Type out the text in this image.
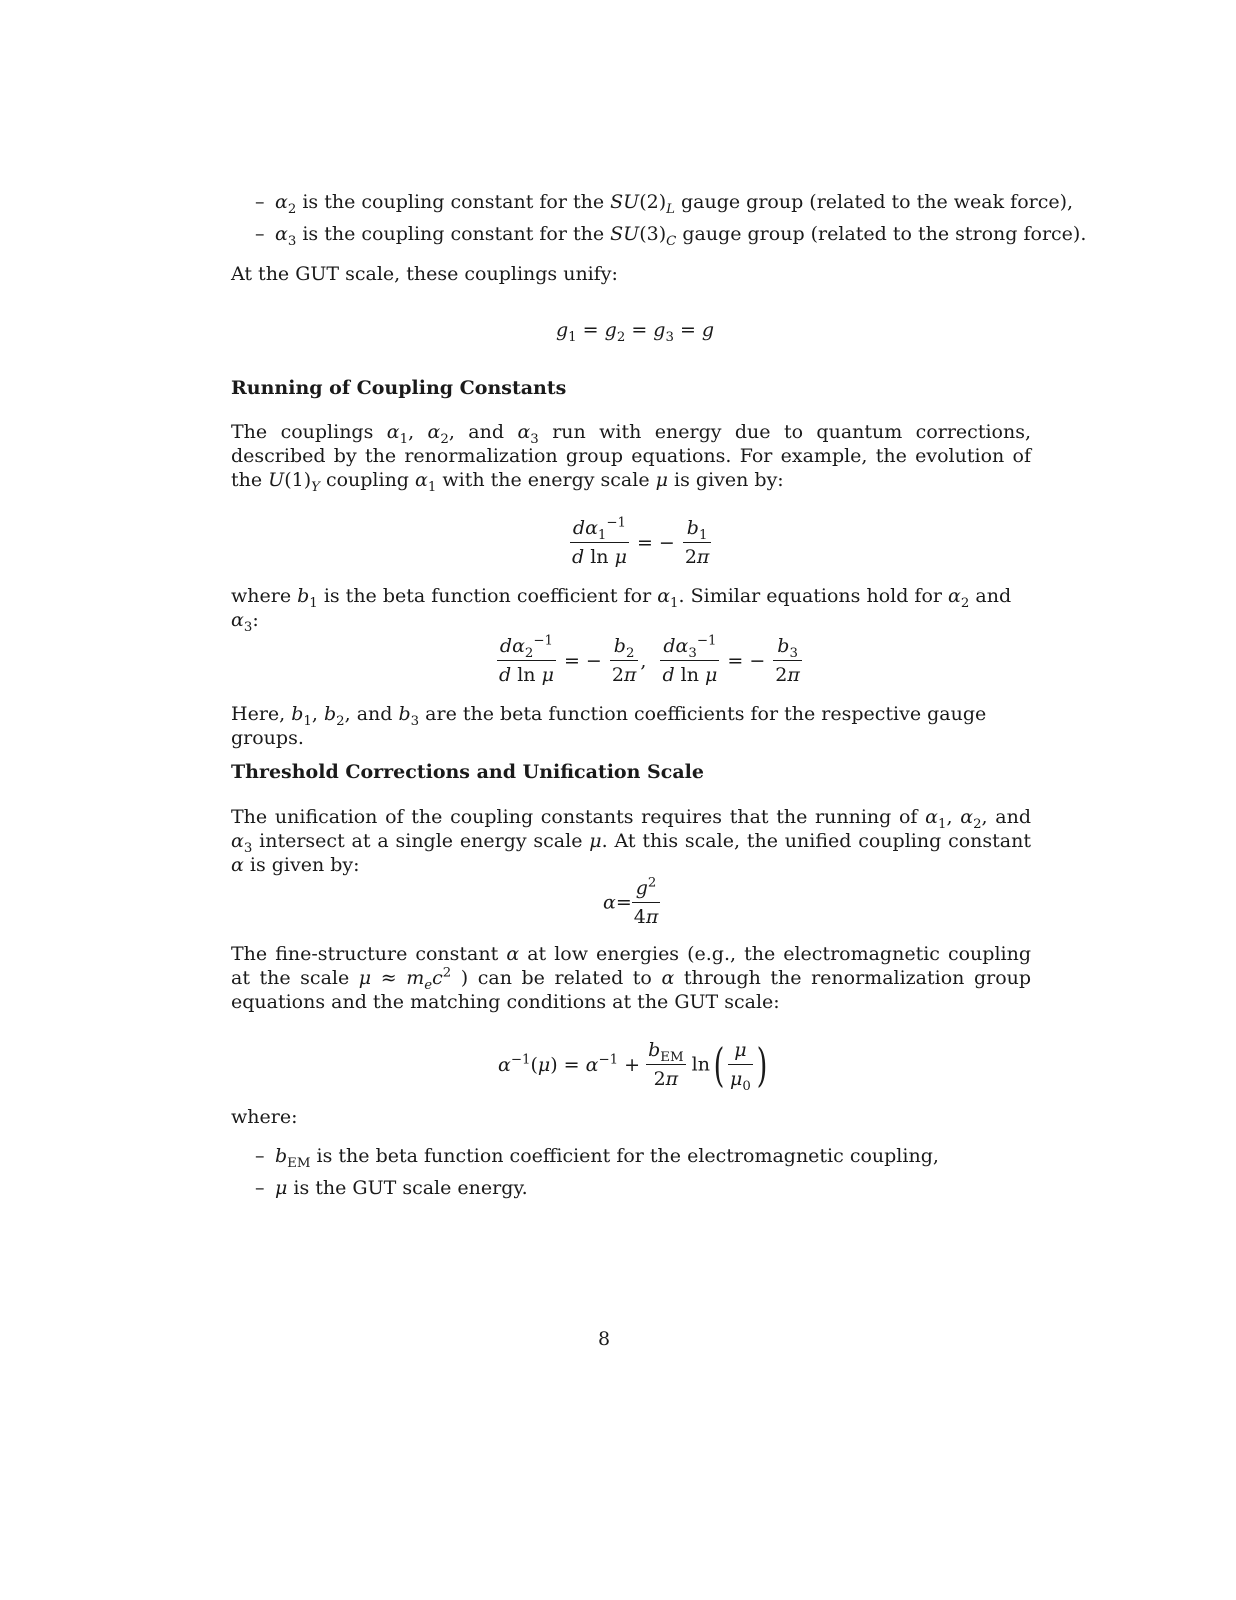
– $\alpha_2$ is the coupling constant for the $SU(2)_L$ gauge group (related to the weak force),
– $\alpha_3$ is the coupling constant for the $SU(3)_C$ gauge group (related to the strong force).
At the GUT scale, these couplings unify:
$g_1 = g_2 = g_3 = g$
Running of Coupling Constants
The couplings $\alpha_1$, $\alpha_2$, and $\alpha_3$ run with energy due to quantum corrections, described by the renormalization group equations. For example, the evolution of the $U(1)_Y$ coupling $\alpha_1$ with the energy scale μ is given by:
$\frac{d\alpha_1^{-1}}{\text{d ln μ}}$ = − $\frac{b_1}{2\pi}$
where $b_1$ is the beta function coefficient for $\alpha_1$. Similar equations hold for $\alpha_2$ and $\alpha_3$:
$\frac{d\alpha_2^{-1}}{\text{d ln μ}}$ = − $\frac{b_2}{2\pi}$ , $\frac{d\alpha_3^{-1}}{\text{d ln μ}}$ = − $\frac{b_3}{2\pi}$
Here, $b_1$, $b_2$, and $b_3$ are the beta function coefficients for the respective gauge groups.
Threshold Corrections and Unification Scale
The unification of the coupling constants requires that the running of $\alpha_1$, $\alpha_2$, and $\alpha_3$ intersect at a single energy scale μ. At this scale, the unified coupling constant α is given by:
$\alpha= \frac{g^2}{4\pi}$
The fine-structure constant α at low energies (e.g., the electromagnetic coupling at the scale $\mu \approx m_ec^2$ ) can be related to α through the renormalization group equations and the matching conditions at the GUT scale:
$\alpha^{-1}(\mu) = \alpha^{-1} + \frac{b_{EM}}{2\pi} \ln( \frac{\mu}{\mu_0}$ )
where:
– $b_{EM}$ is the beta function coefficient for the electromagnetic coupling,
– μ is the GUT scale energy.
8
